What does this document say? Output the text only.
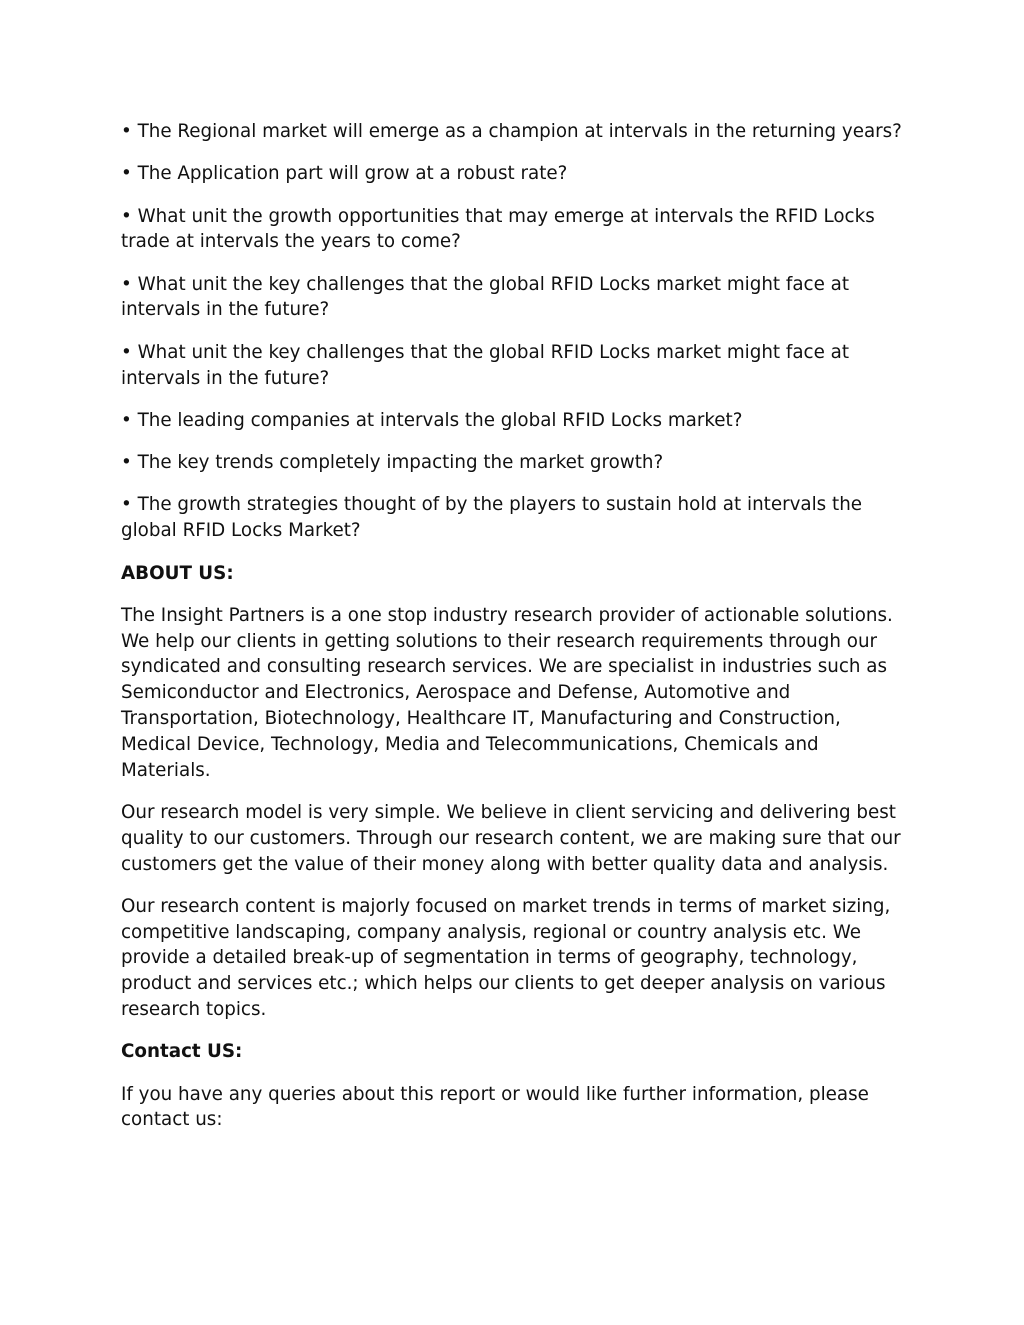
• The Regional market will emerge as a champion at intervals in the returning years?

• The Application part will grow at a robust rate?

• What unit the growth opportunities that may emerge at intervals the RFID Locks trade at intervals the years to come?

• What unit the key challenges that the global RFID Locks market might face at intervals in the future?

• What unit the key challenges that the global RFID Locks market might face at intervals in the future?

• The leading companies at intervals the global RFID Locks market?

• The key trends completely impacting the market growth?

• The growth strategies thought of by the players to sustain hold at intervals the global RFID Locks Market?

ABOUT US:

The Insight Partners is a one stop industry research provider of actionable solutions. We help our clients in getting solutions to their research requirements through our syndicated and consulting research services. We are specialist in industries such as Semiconductor and Electronics, Aerospace and Defense, Automotive and Transportation, Biotechnology, Healthcare IT, Manufacturing and Construction, Medical Device, Technology, Media and Telecommunications, Chemicals and Materials.

Our research model is very simple. We believe in client servicing and delivering best quality to our customers. Through our research content, we are making sure that our customers get the value of their money along with better quality data and analysis.

Our research content is majorly focused on market trends in terms of market sizing, competitive landscaping, company analysis, regional or country analysis etc. We provide a detailed break-up of segmentation in terms of geography, technology, product and services etc.; which helps our clients to get deeper analysis on various research topics.

Contact US:

If you have any queries about this report or would like further information, please contact us:
